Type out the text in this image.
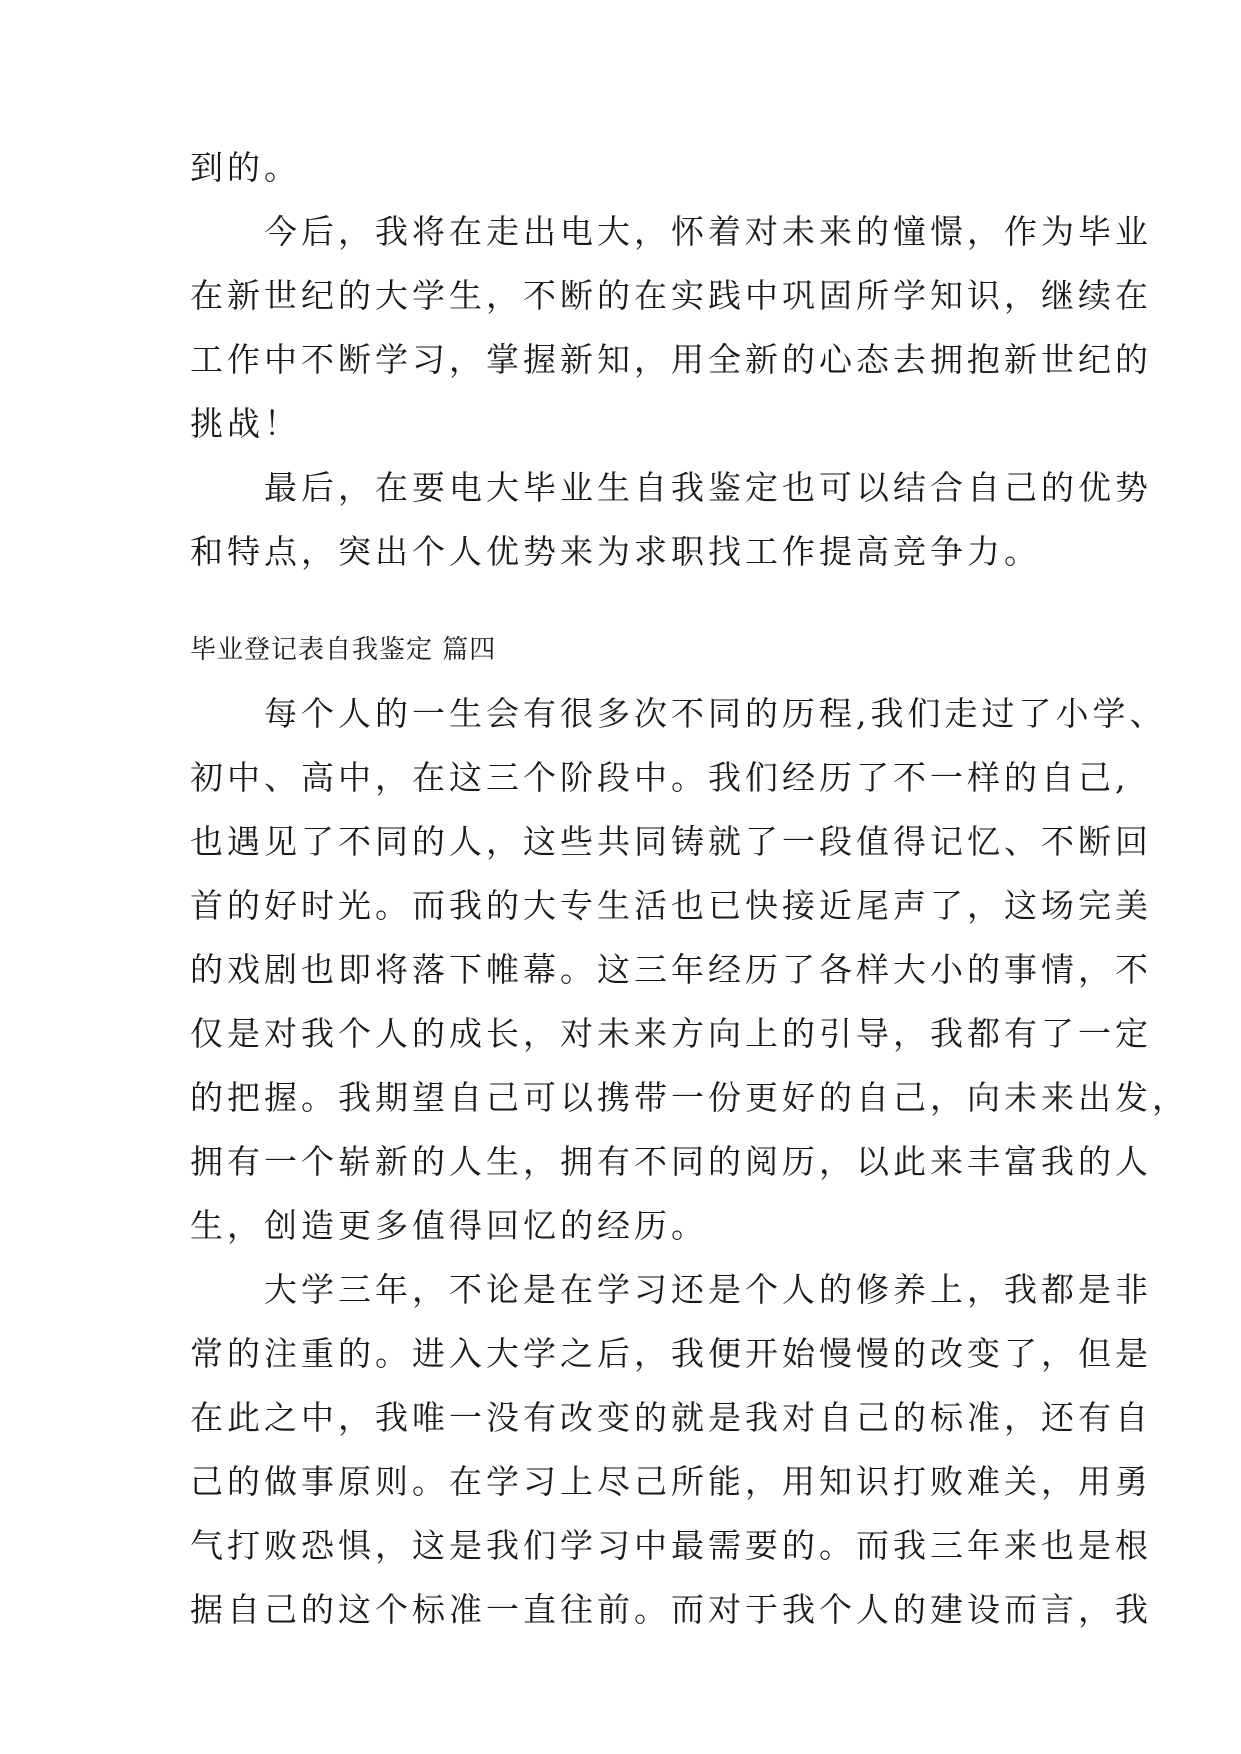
到的。
　　今后，我将在走出电大，怀着对未来的憧憬，作为毕业
在新世纪的大学生，不断的在实践中巩固所学知识，继续在
工作中不断学习，掌握新知，用全新的心态去拥抱新世纪的
挑战！
　　最后，在要电大毕业生自我鉴定也可以结合自己的优势
和特点，突出个人优势来为求职找工作提高竞争力。
毕业登记表自我鉴定 篇四
　　每个人的一生会有很多次不同的历程,我们走过了小学、
初中、高中，在这三个阶段中。我们经历了不一样的自己,
也遇见了不同的人，这些共同铸就了一段值得记忆、不断回
首的好时光。而我的大专生活也已快接近尾声了，这场完美
的戏剧也即将落下帷幕。这三年经历了各样大小的事情，不
仅是对我个人的成长，对未来方向上的引导，我都有了一定
的把握。我期望自己可以携带一份更好的自己，向未来出发，
拥有一个崭新的人生，拥有不同的阅历，以此来丰富我的人
生，创造更多值得回忆的经历。
　　大学三年，不论是在学习还是个人的修养上，我都是非
常的注重的。进入大学之后，我便开始慢慢的改变了，但是
在此之中，我唯一没有改变的就是我对自己的标准，还有自
己的做事原则。在学习上尽己所能，用知识打败难关，用勇
气打败恐惧，这是我们学习中最需要的。而我三年来也是根
据自己的这个标准一直往前。而对于我个人的建设而言，我
